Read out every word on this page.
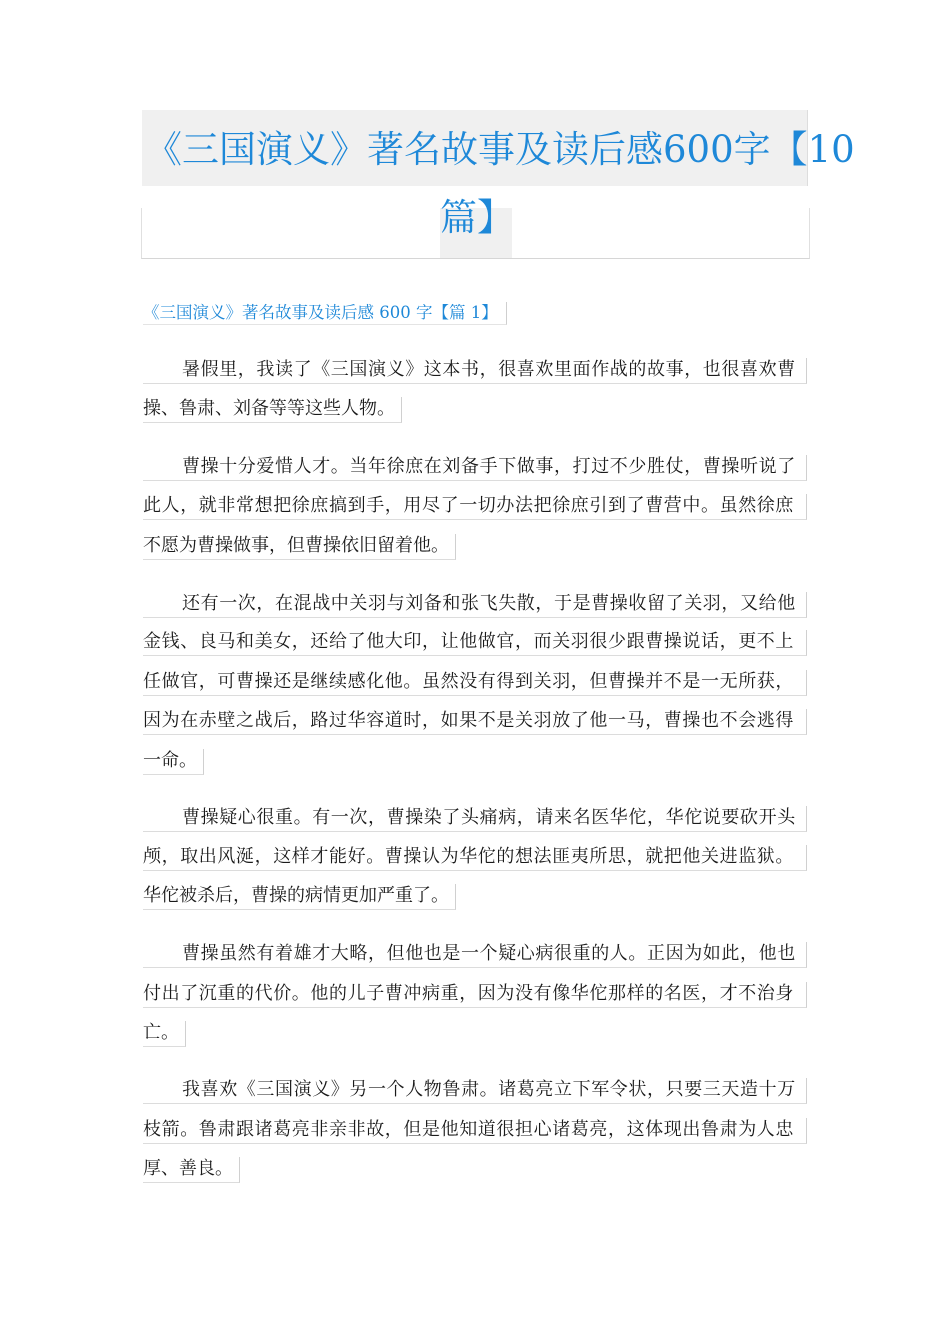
《三国演义》著名故事及读后感600字【10
篇】
《三国演义》著名故事及读后感 600 字【篇 1】
暑假里，我读了《三国演义》这本书，很喜欢里面作战的故事，也很喜欢曹
操、鲁肃、刘备等等这些人物。
曹操十分爱惜人才。当年徐庶在刘备手下做事，打过不少胜仗，曹操听说了
此人，就非常想把徐庶搞到手，用尽了一切办法把徐庶引到了曹营中。虽然徐庶
不愿为曹操做事，但曹操依旧留着他。
还有一次，在混战中关羽与刘备和张飞失散，于是曹操收留了关羽，又给他
金钱、良马和美女，还给了他大印，让他做官，而关羽很少跟曹操说话，更不上
任做官，可曹操还是继续感化他。虽然没有得到关羽，但曹操并不是一无所获，
因为在赤壁之战后，路过华容道时，如果不是关羽放了他一马，曹操也不会逃得
一命。
曹操疑心很重。有一次，曹操染了头痛病，请来名医华佗，华佗说要砍开头
颅，取出风涎，这样才能好。曹操认为华佗的想法匪夷所思，就把他关进监狱。
华佗被杀后，曹操的病情更加严重了。
曹操虽然有着雄才大略，但他也是一个疑心病很重的人。正因为如此，他也
付出了沉重的代价。他的儿子曹冲病重，因为没有像华佗那样的名医，才不治身
亡。
我喜欢《三国演义》另一个人物鲁肃。诸葛亮立下军令状，只要三天造十万
枝箭。鲁肃跟诸葛亮非亲非故，但是他知道很担心诸葛亮，这体现出鲁肃为人忠
厚、善良。
